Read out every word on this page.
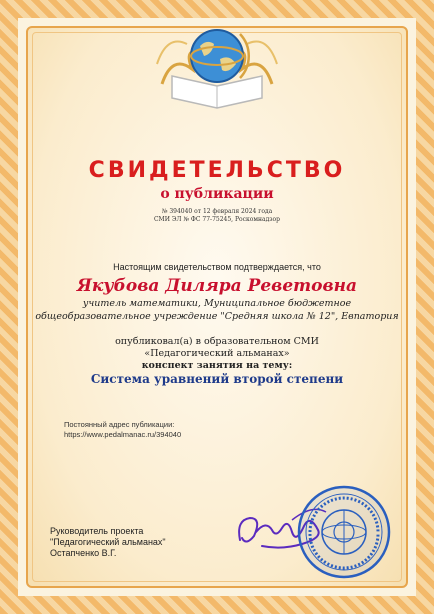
СВИДЕТЕЛЬСТВО
о публикации
№ 394040 от 12 февраля 2024 года
СМИ ЭЛ № ФС 77-75245, Роскомнадзор
Настоящим свидетельством подтверждается, что
Якубова Диляра Реветовна
учитель математики, Муниципальное бюджетное
общеобразовательное учреждение "Средняя школа № 12", Евпатория
опубликовал(а) в образовательном СМИ
«Педагогический альманах»
конспект занятия на тему:
Система уравнений второй степени
Постоянный адрес публикации:
https://www.pedalmanac.ru/394040
Руководитель проекта
"Педагогический альманах"
Остапченко В.Г.
